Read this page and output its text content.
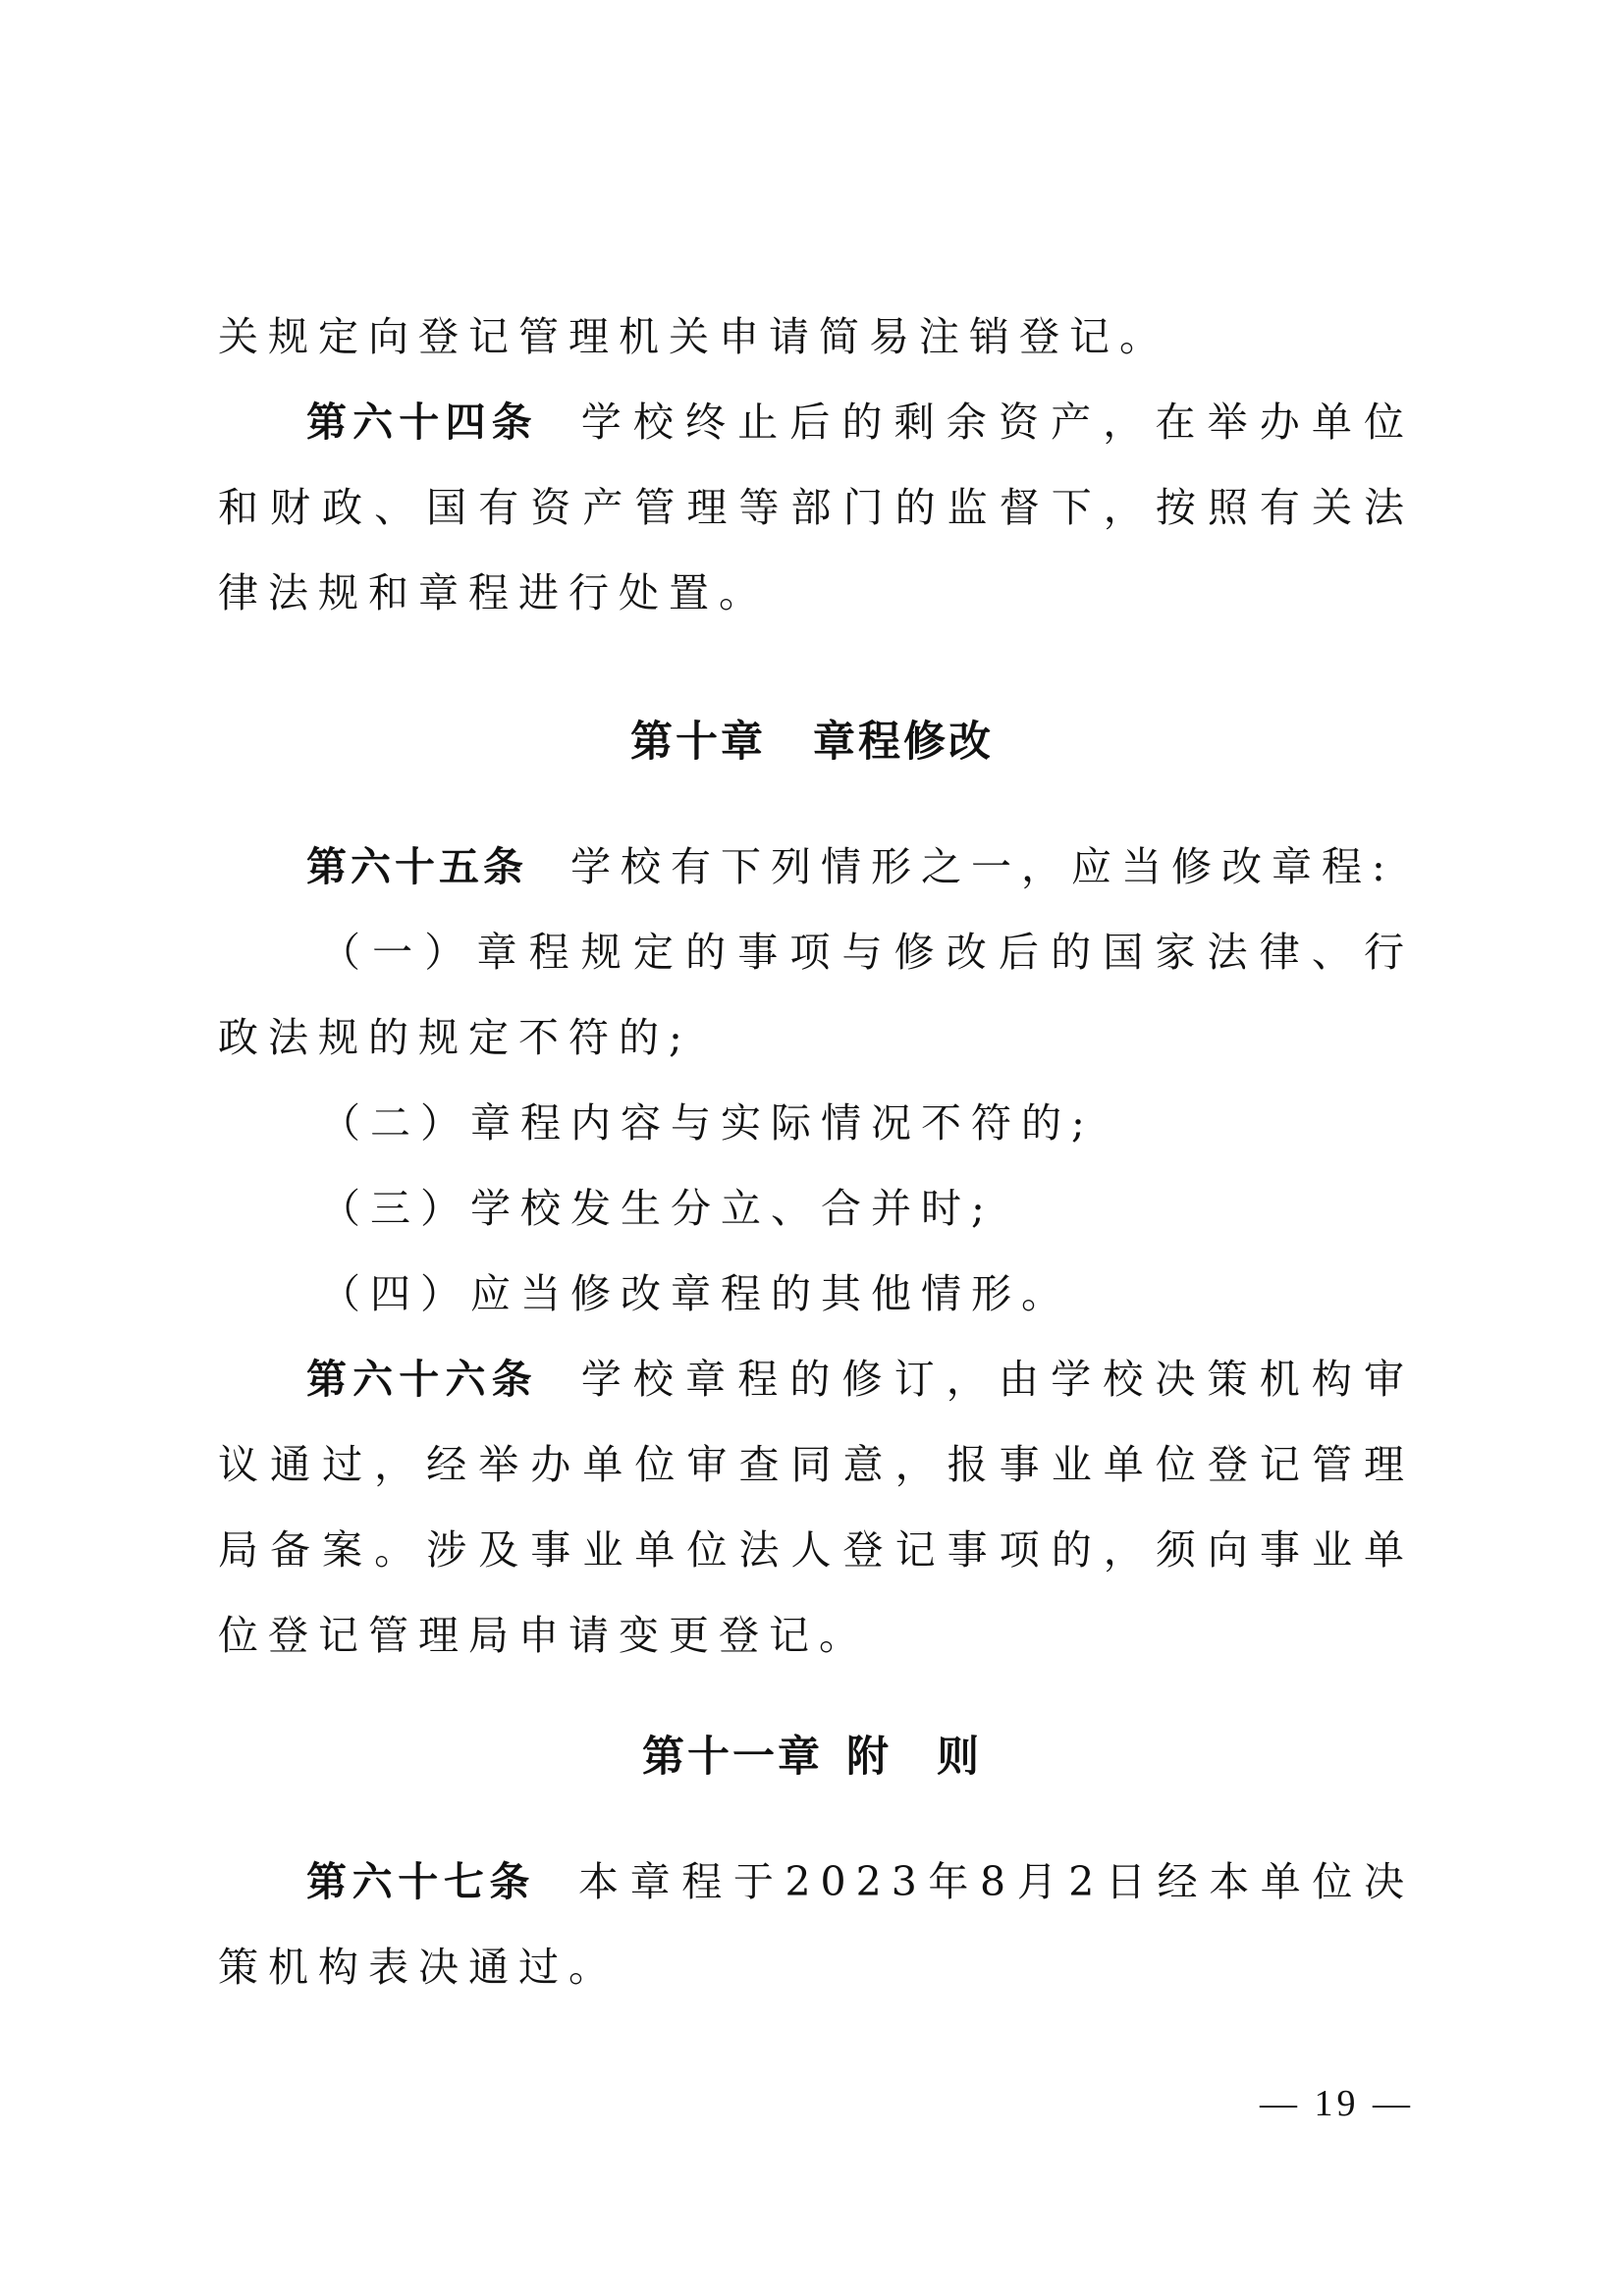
关规定向登记管理机关申请简易注销登记。

第六十四条 学校终止后的剩余资产，在举办单位和财政、国有资产管理等部门的监督下，按照有关法律法规和章程进行处置。

第十章 章程修改

第六十五条 学校有下列情形之一，应当修改章程:

（一）章程规定的事项与修改后的国家法律、行政法规的规定不符的;

（二）章程内容与实际情况不符的;

（三）学校发生分立、合并时;

（四）应当修改章程的其他情形。

第六十六条 学校章程的修订，由学校决策机构审议通过，经举办单位审查同意，报事业单位登记管理局备案。涉及事业单位法人登记事项的，须向事业单位登记管理局申请变更登记。

第十一章 附　则

第六十七条 本章程于2023年8月2日经本单位决策机构表决通过。

— 19 —
